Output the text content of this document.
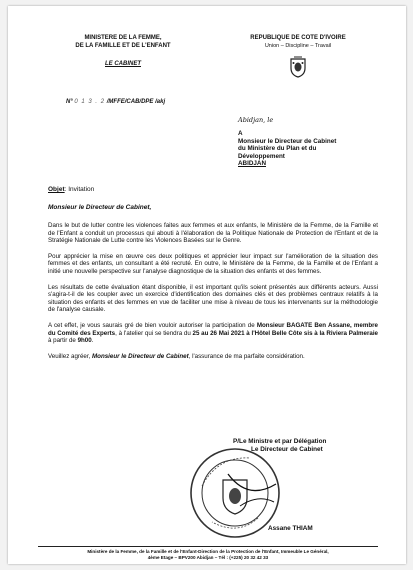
MINISTERE DE LA FEMME,
DE LA FAMILLE ET DE L'ENFANT
LE CABINET
REPUBLIQUE DE COTE D'IVOIRE
Union – Discipline – Travail
N° 0 1 3 . 2 /MFFE/CAB/DPE /akj
Abidjan, le
A
Monsieur le Directeur de Cabinet
du Ministère du Plan et du
Développement
ABIDJAN
Objet: Invitation
Monsieur le Directeur de Cabinet,

Dans le but de lutter contre les violences faites aux femmes et aux enfants, le Ministère de la Femme, de la Famille et de l'Enfant a conduit un processus qui abouti à l'élaboration de la Politique Nationale de Protection de l'Enfant et de la Stratégie Nationale de Lutte contre les Violences Basées sur le Genre.

Pour apprécier la mise en œuvre ces deux politiques et apprécier leur impact sur l'amélioration de la situation des femmes et des enfants, un consultant a été recruté. En outre, le Ministère de la Femme, de la Famille et de l'Enfant a initié une nouvelle perspective sur l'analyse diagnostique de la situation des enfants et des femmes.

Les résultats de cette évaluation étant disponible, il est important qu'ils soient présentés aux différents acteurs. Aussi s'agira-t-il de les coupler avec un exercice d'identification des domaines clés et des problèmes centraux relatifs à la situation des enfants et des femmes en vue de faciliter une mise à niveau de tous les intervenants sur la méthodologie de l'analyse causale.

A cet effet, je vous saurais gré de bien vouloir autoriser la participation de Monsieur BAGATE Ben Assane, membre du Comité des Experts, à l'atelier qui se tiendra du 25 au 26 Mai 2021 à l'Hôtel Belle Côte sis à la Riviera Palmeraie à partir de 9h00.

Veuillez agréer, Monsieur le Directeur de Cabinet, l'assurance de ma parfaite considération.

P/Le Ministre et par Délégation
Le Directeur de Cabinet
Assane THIAM
Ministère de la Femme, de la Famille et de l'Enfant-Direction de la Protection de l'Enfant, Immeuble Le Général,
4ème Etage – BPV200 Abidjan – Tél : (+225) 20 32 42 33
